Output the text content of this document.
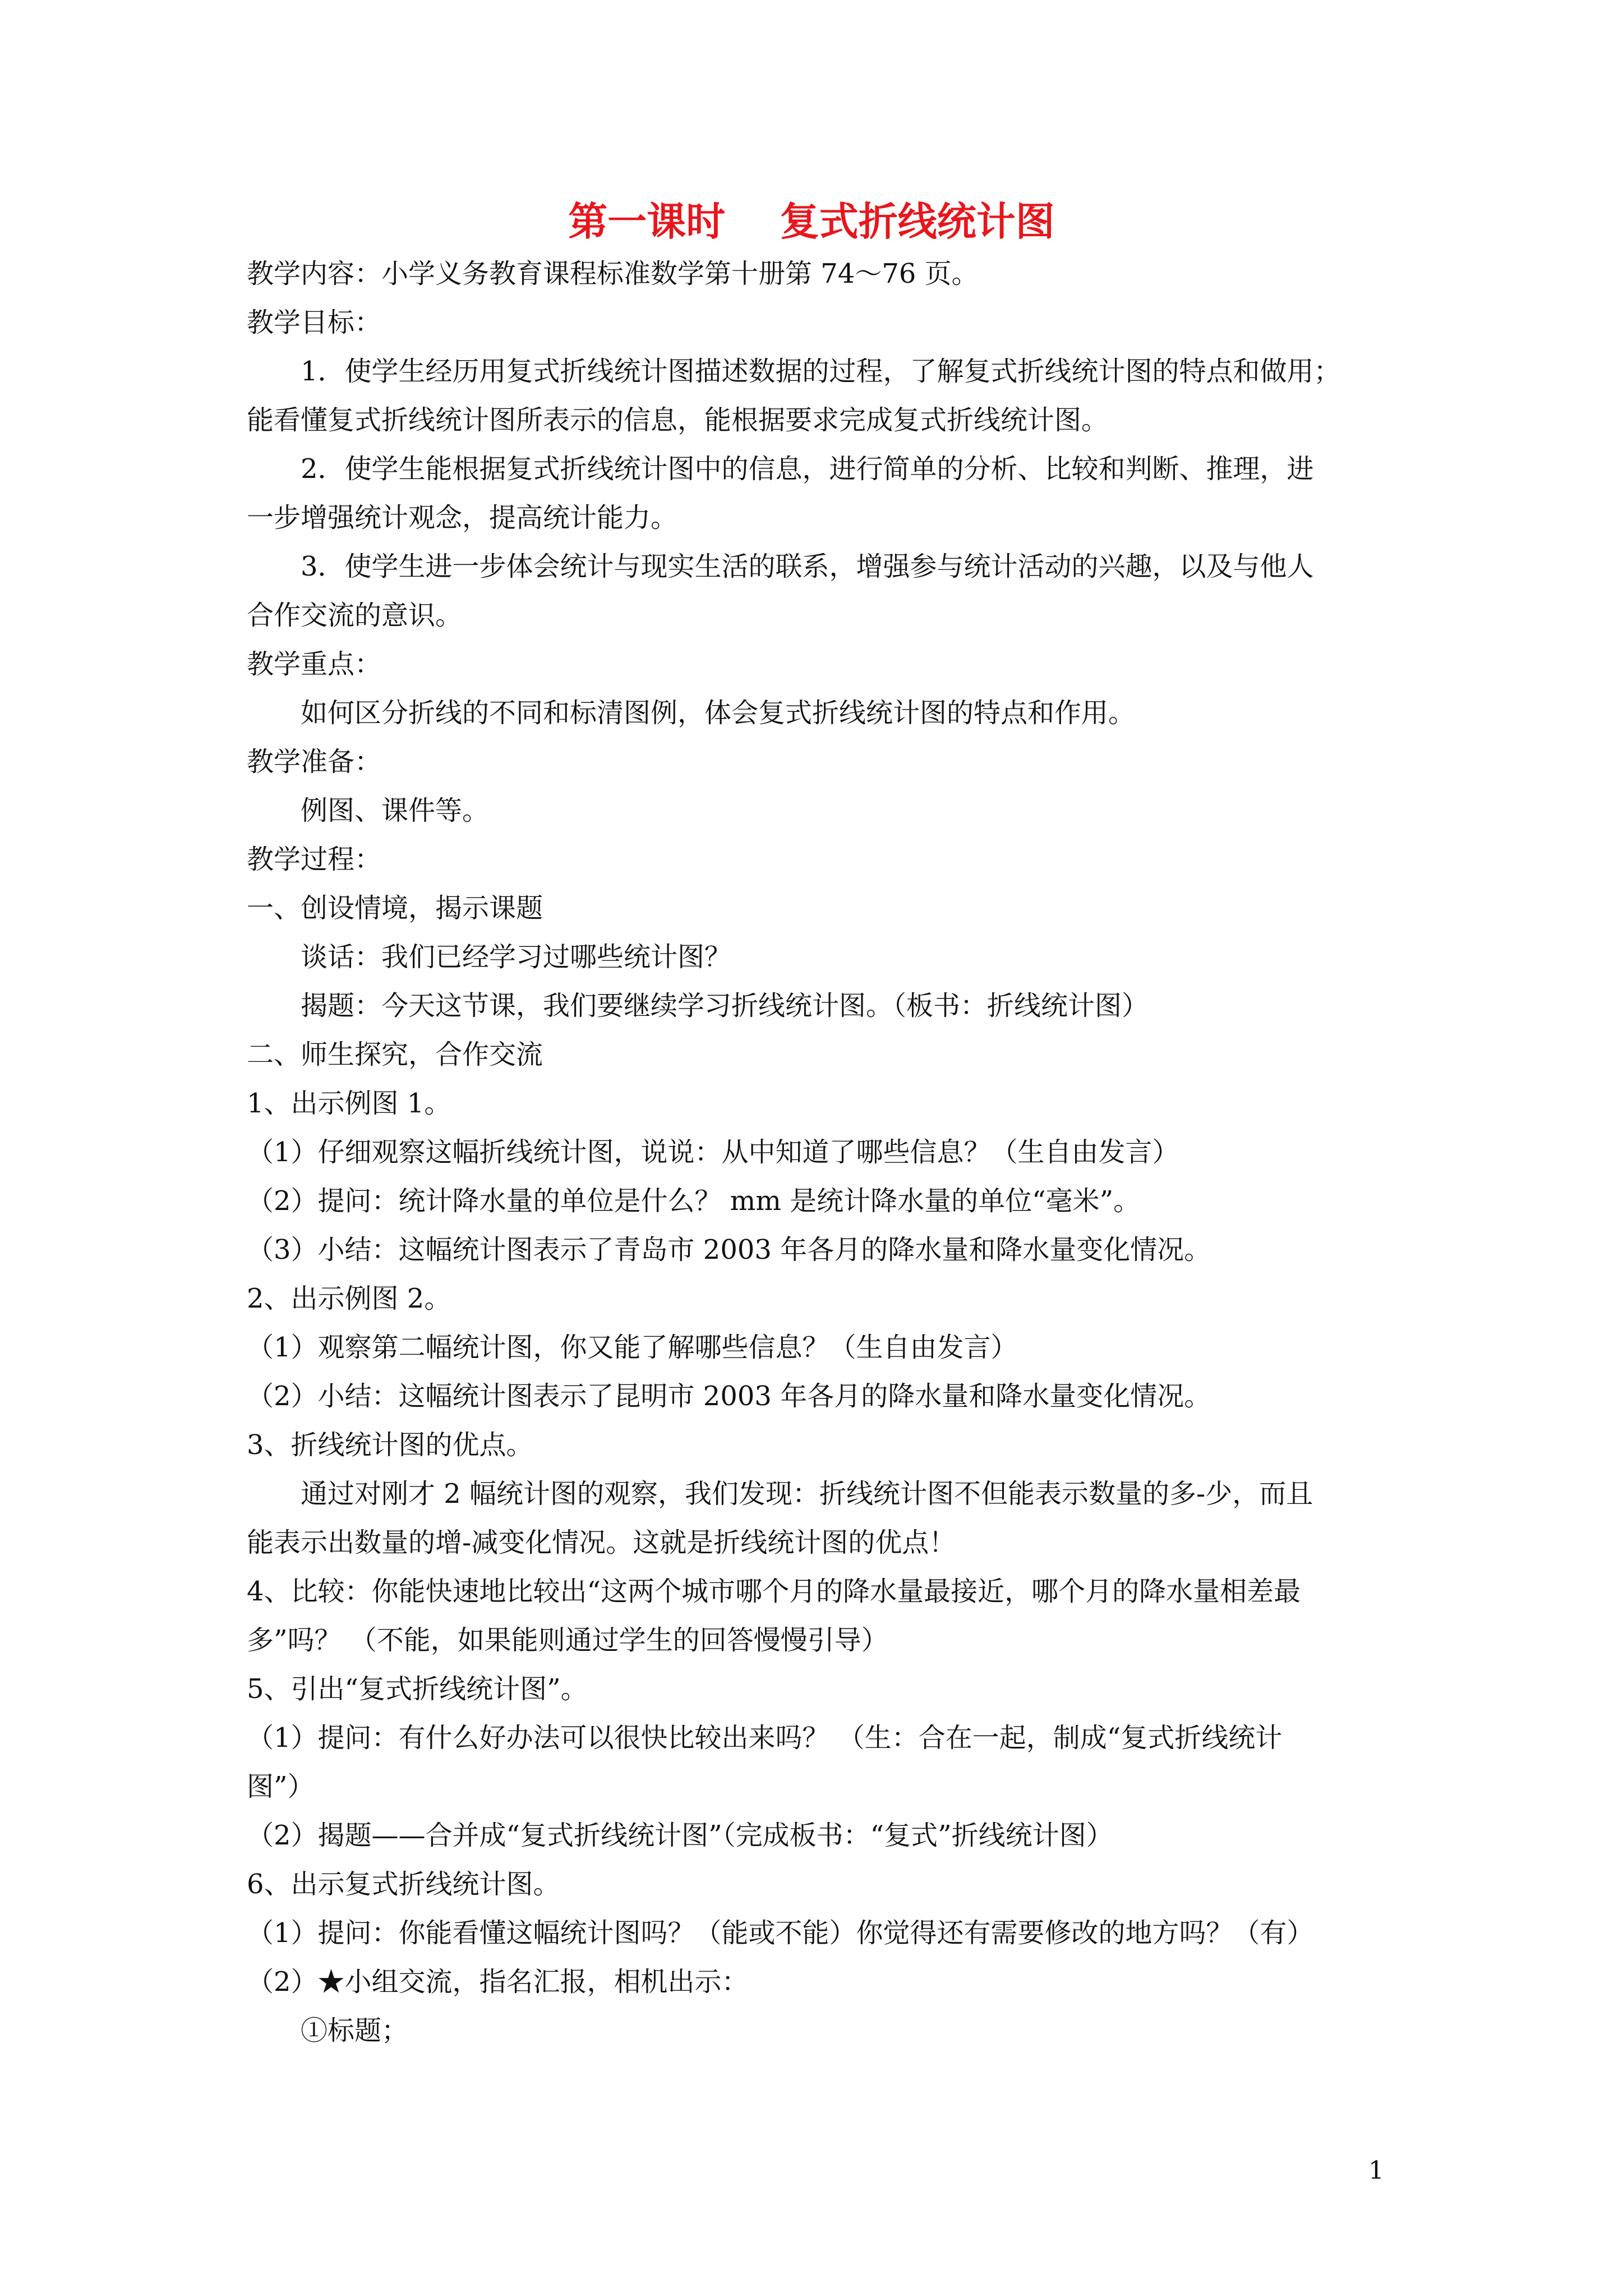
第一课时    复式折线统计图
教学内容：小学义务教育课程标准数学第十册第 74～76 页。
教学目标：
1．使学生经历用复式折线统计图描述数据的过程，了解复式折线统计图的特点和做用；
能看懂复式折线统计图所表示的信息，能根据要求完成复式折线统计图。
2．使学生能根据复式折线统计图中的信息，进行简单的分析、比较和判断、推理，进
一步增强统计观念，提高统计能力。
3．使学生进一步体会统计与现实生活的联系，增强参与统计活动的兴趣，以及与他人
合作交流的意识。
教学重点：
如何区分折线的不同和标清图例，体会复式折线统计图的特点和作用。
教学准备：
例图、课件等。
教学过程：
一、创设情境，揭示课题
谈话：我们已经学习过哪些统计图？
揭题：今天这节课，我们要继续学习折线统计图。（板书：折线统计图）
二、师生探究，合作交流
1、出示例图 1。
（1）仔细观察这幅折线统计图，说说：从中知道了哪些信息？（生自由发言）
（2）提问：统计降水量的单位是什么？ mm 是统计降水量的单位“毫米”。
（3）小结：这幅统计图表示了青岛市 2003 年各月的降水量和降水量变化情况。
2、出示例图 2。
（1）观察第二幅统计图，你又能了解哪些信息？（生自由发言）
（2）小结：这幅统计图表示了昆明市 2003 年各月的降水量和降水量变化情况。
3、折线统计图的优点。
通过对刚才 2 幅统计图的观察，我们发现：折线统计图不但能表示数量的多-少，而且
能表示出数量的增-减变化情况。这就是折线统计图的优点！
4、比较：你能快速地比较出“这两个城市哪个月的降水量最接近，哪个月的降水量相差最
多”吗？ （不能，如果能则通过学生的回答慢慢引导）
5、引出“复式折线统计图”。
（1）提问：有什么好办法可以很快比较出来吗？ （生：合在一起，制成“复式折线统计
图”）
（2）揭题——合并成“复式折线统计图”（完成板书：“复式”折线统计图）
6、出示复式折线统计图。
（1）提问：你能看懂这幅统计图吗？（能或不能）你觉得还有需要修改的地方吗？（有）
（2）★小组交流，指名汇报，相机出示：
①标题；
1
